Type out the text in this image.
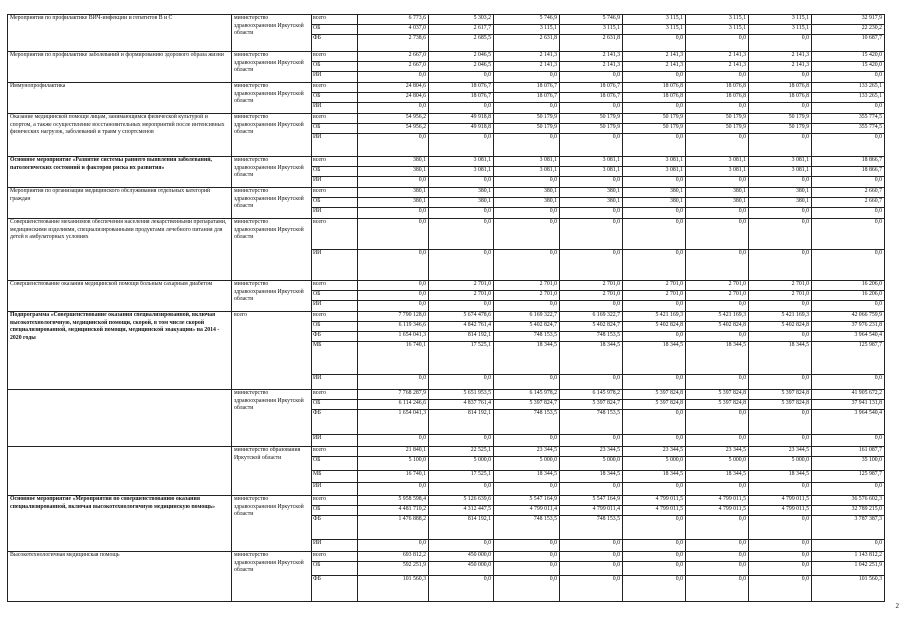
Мероприятия по профилактике ВИЧ-инфекции и гепатитов В и С	министерство здравоохранения Иркутской области	всего	6 773,6	5 303,2	5 746,9	5 746,9	3 115,1	3 115,1	3 115,1	32 917,9
		ОБ	4 037,0	2 617,7	3 115,1	3 115,1	3 115,1	3 115,1	3 115,1	22 230,2
		ФБ	2 738,6	2 685,5	2 631,8	2 631,8	0,0	0,0	0,0	10 687,7
Мероприятия по профилактике заболеваний и формированию здорового образа жизни	министерство здравоохранения Иркутской области	всего	2 667,0	2 046,5	2 141,3	2 141,3	2 141,3	2 141,3	2 141,3	15 420,0
		ОБ	2 667,0	2 046,5	2 141,3	2 141,3	2 141,3	2 141,3	2 141,3	15 420,0
		ИИ	0,0	0,0	0,0	0,0	0,0	0,0	0,0	0,0
Иммунопрофилактика	министерство здравоохранения Иркутской области	всего	24 804,6	18 076,7	18 076,7	18 076,7	18 076,8	18 076,8	18 076,8	133 265,1
		ОБ	24 804,6	18 076,7	18 076,7	18 076,7	18 076,8	18 076,8	18 076,8	133 265,1
		ИИ	0,0	0,0	0,0	0,0	0,0	0,0	0,0	0,0
Оказание медицинской помощи лицам, занимающимся физической культурой и спортом, а также осуществление восстановительных мероприятий после интенсивных физических нагрузок, заболеваний и травм у спортсменов	министерство здравоохранения Иркутской области	всего	54 956,2	49 918,8	50 179,9	50 179,9	50 179,9	50 179,9	50 179,9	355 774,5
		ОБ	54 956,2	49 918,8	50 179,9	50 179,9	50 179,9	50 179,9	50 179,9	355 774,5
		ИИ	0,0	0,0	0,0	0,0	0,0	0,0	0,0	0,0
Основное мероприятие «Развитие системы раннего выявления заболеваний, патологических состояний и факторов риска их развития»	министерство здравоохранения Иркутской области	всего	380,1	3 081,1	3 081,1	3 081,1	3 081,1	3 081,1	3 081,1	18 866,7
		ОБ	380,1	3 081,1	3 081,1	3 081,1	3 081,1	3 081,1	3 081,1	18 866,7
		ИИ	0,0	0,0	0,0	0,0	0,0	0,0	0,0	0,0
Мероприятия по организации медицинского обслуживания отдельных категорий граждан	министерство здравоохранения Иркутской области	всего	380,1	380,1	380,1	380,1	380,1	380,1	380,1	2 660,7
		ОБ	380,1	380,1	380,1	380,1	380,1	380,1	380,1	2 660,7
		ИИ	0,0	0,0	0,0	0,0	0,0	0,0	0,0	0,0
Совершенствование механизмов обеспечения населения лекарственными препаратами, медицинскими изделиями, специализированными продуктами лечебного питания для детей в амбулаторных условиях	министерство здравоохранения Иркутской области	всего	0,0	0,0	0,0	0,0	0,0	0,0	0,0	0,0
		ИИ	0,0	0,0	0,0	0,0	0,0	0,0	0,0	0,0
Совершенствование оказания медицинской помощи больным сахарным диабетом	министерство здравоохранения Иркутской области	всего	0,0	2 701,0	2 701,0	2 701,0	2 701,0	2 701,0	2 701,0	16 206,0
		ОБ	0,0	2 701,0	2 701,0	2 701,0	2 701,0	2 701,0	2 701,0	16 206,0
		ИИ	0,0	0,0	0,0	0,0	0,0	0,0	0,0	0,0
Подпрограмма «Совершенствование оказания специализированной, включая высокотехнологичную, медицинской помощи, скорой, в том числе скорой специализированной, медицинской помощи, медицинской эвакуации» на 2014 - 2020 годы	всего	всего	7 790 128,0	5 674 478,6	6 169 322,7	6 169 322,7	5 421 169,3	5 421 169,3	5 421 169,3	42 066 759,9
		ОБ	6 119 346,6	4 842 761,4	5 402 824,7	5 402 824,7	5 402 824,8	5 402 824,8	5 402 824,8	37 976 231,8
		ФБ	1 654 041,3	814 192,1	748 153,5	748 153,5	0,0	0,0	0,0	3 964 540,4
		МБ	16 740,1	17 525,1	18 344,5	18 344,5	18 344,5	18 344,5	18 344,5	125 987,7
		ИИ	0,0	0,0	0,0	0,0	0,0	0,0	0,0	0,0
	министерство здравоохранения Иркутской области	всего	7 768 287,9	5 651 953,5	6 145 978,2	6 145 978,2	5 397 824,8	5 397 824,8	5 397 824,8	41 905 672,2
		ОБ	6 114 246,6	4 837 761,4	5 397 824,7	5 397 824,7	5 397 824,8	5 397 824,8	5 397 824,8	37 941 131,8
		ФБ	1 654 041,3	814 192,1	748 153,5	748 153,5	0,0	0,0	0,0	3 964 540,4
		ИИ	0,0	0,0	0,0	0,0	0,0	0,0	0,0	0,0
	министерство образования Иркутской области	всего	21 840,1	22 525,1	23 344,5	23 344,5	23 344,5	23 344,5	23 344,5	161 087,7
		ОБ	5 100,0	5 000,0	5 000,0	5 000,0	5 000,0	5 000,0	5 000,0	35 100,0
		МБ	16 740,1	17 525,1	18 344,5	18 344,5	18 344,5	18 344,5	18 344,5	125 987,7
		ИИ	0,0	0,0	0,0	0,0	0,0	0,0	0,0	0,0
Основное мероприятие «Мероприятия по совершенствованию оказания специализированной, включая высокотехнологичную медицинскую помощь»	министерство здравоохранения Иркутской области	всего	5 958 598,4	5 126 639,6	5 547 164,9	5 547 164,9	4 799 011,5	4 799 011,5	4 799 011,5	36 576 602,3
		ОБ	4 481 710,2	4 312 447,5	4 799 011,4	4 799 011,4	4 799 011,5	4 799 011,5	4 799 011,5	32 789 215,0
		ФБ	1 476 888,2	814 192,1	748 153,5	748 153,5	0,0	0,0	0,0	3 787 387,3
		ИИ	0,0	0,0	0,0	0,0	0,0	0,0	0,0	0,0
Высокотехнологичная медицинская помощь	министерство здравоохранения Иркутской области	всего	693 812,2	450 000,0	0,0	0,0	0,0	0,0	0,0	1 143 812,2
		ОБ	592 251,9	450 000,0	0,0	0,0	0,0	0,0	0,0	1 042 251,9
		ФБ	101 560,3	0,0	0,0	0,0	0,0	0,0	0,0	101 560,3
2
